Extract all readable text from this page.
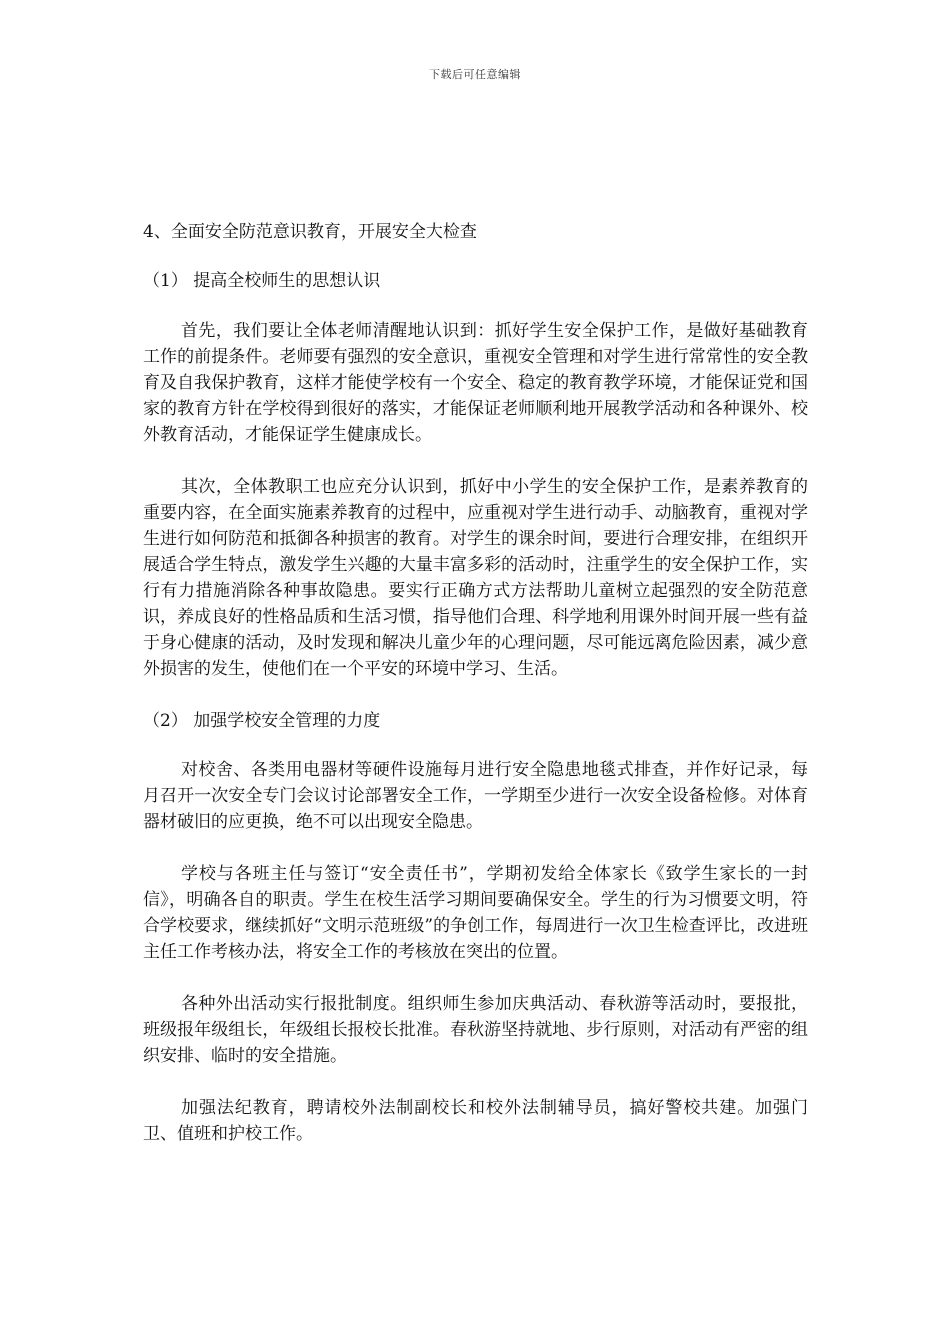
下载后可任意编辑

4、全面安全防范意识教育，开展安全大检查

（1） 提高全校师生的思想认识

首先，我们要让全体老师清醒地认识到：抓好学生安全保护工作，是做好基础教育工作的前提条件。老师要有强烈的安全意识，重视安全管理和对学生进行常常性的安全教育及自我保护教育，这样才能使学校有一个安全、稳定的教育教学环境，才能保证党和国家的教育方针在学校得到很好的落实，才能保证老师顺利地开展教学活动和各种课外、校外教育活动，才能保证学生健康成长。

其次，全体教职工也应充分认识到，抓好中小学生的安全保护工作，是素养教育的重要内容，在全面实施素养教育的过程中，应重视对学生进行动手、动脑教育，重视对学生进行如何防范和抵御各种损害的教育。对学生的课余时间，要进行合理安排，在组织开展适合学生特点，激发学生兴趣的大量丰富多彩的活动时，注重学生的安全保护工作，实行有力措施消除各种事故隐患。要实行正确方式方法帮助儿童树立起强烈的安全防范意识，养成良好的性格品质和生活习惯，指导他们合理、科学地利用课外时间开展一些有益于身心健康的活动，及时发现和解决儿童少年的心理问题，尽可能远离危险因素，减少意外损害的发生，使他们在一个平安的环境中学习、生活。

（2） 加强学校安全管理的力度

对校舍、各类用电器材等硬件设施每月进行安全隐患地毯式排查，并作好记录，每月召开一次安全专门会议讨论部署安全工作，一学期至少进行一次安全设备检修。对体育器材破旧的应更换，绝不可以出现安全隐患。

学校与各班主任与签订“安全责任书”，学期初发给全体家长《致学生家长的一封信》，明确各自的职责。学生在校生活学习期间要确保安全。学生的行为习惯要文明，符合学校要求，继续抓好“文明示范班级”的争创工作，每周进行一次卫生检查评比，改进班主任工作考核办法，将安全工作的考核放在突出的位置。

各种外出活动实行报批制度。组织师生参加庆典活动、春秋游等活动时，要报批，班级报年级组长，年级组长报校长批准。春秋游坚持就地、步行原则，对活动有严密的组织安排、临时的安全措施。

加强法纪教育，聘请校外法制副校长和校外法制辅导员，搞好警校共建。加强门卫、值班和护校工作。
